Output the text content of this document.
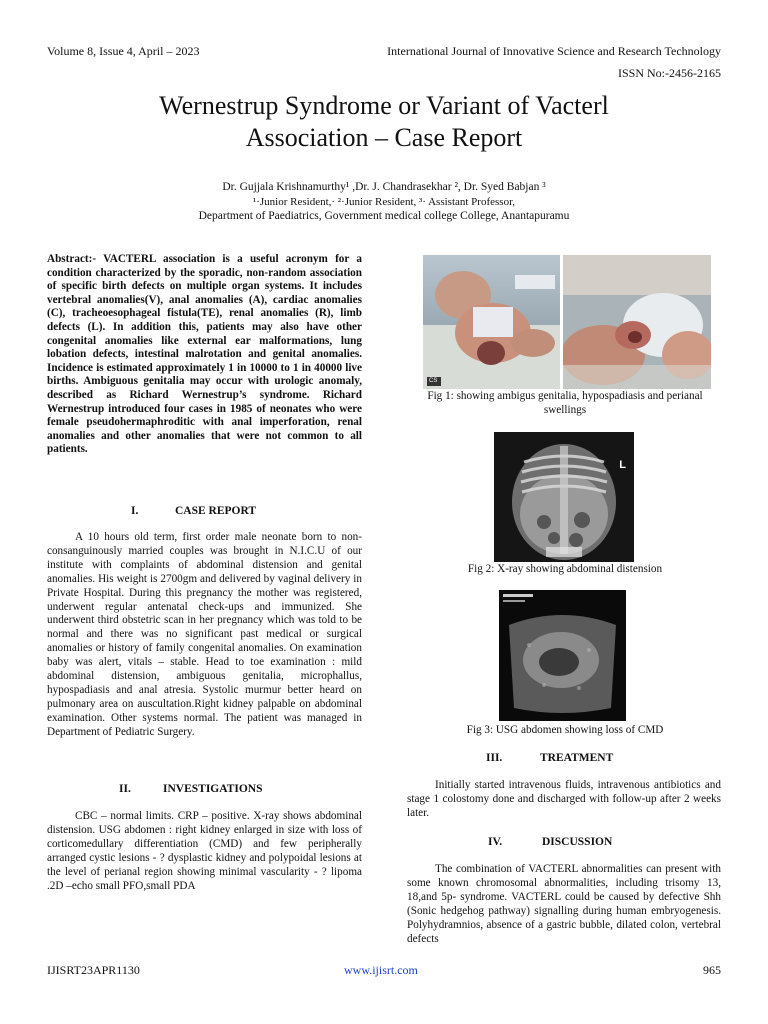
Volume 8, Issue 4, April – 2023	International Journal of Innovative Science and Research Technology
ISSN No:-2456-2165
Wernestrup Syndrome or Variant of Vacterl
Association – Case Report
Dr. Gujjala Krishnamurthy¹ ,Dr. J. Chandrasekhar ², Dr. Syed Babjan ³
¹·Junior Resident,· ²·Junior Resident, ³· Assistant Professor,
Department of Paediatrics, Government medical college College, Anantapuramu
Abstract:- VACTERL association is a useful acronym for a condition characterized by the sporadic, non-random association of specific birth defects on multiple organ systems. It includes vertebral anomalies(V), anal anomalies (A), cardiac anomalies (C), tracheoesophageal fistula(TE), renal anomalies (R), limb defects (L). In addition this, patients may also have other congenital anomalies like external ear malformations, lung lobation defects, intestinal malrotation and genital anomalies. Incidence is estimated approximately 1 in 10000 to 1 in 40000 live births. Ambiguous genitalia may occur with urologic anomaly, described as Richard Wernestrup’s syndrome. Richard Wernestrup introduced four cases in 1985 of neonates who were female pseudohermaphroditic with anal imperforation, renal anomalies and other anomalies that were not common to all patients.
I.	CASE REPORT

A 10 hours old term, first order male neonate born to non-consanguinously married couples was brought in N.I.C.U of our institute with complaints of abdominal distension and genital anomalies. His weight is 2700gm and delivered by vaginal delivery in Private Hospital. During this pregnancy the mother was registered, underwent regular antenatal check-ups and immunized. She underwent third obstetric scan in her pregnancy which was told to be normal and there was no significant past medical or surgical anomalies or history of family congenital anomalies. On examination baby was alert, vitals – stable. Head to toe examination : mild abdominal distension, ambiguous genitalia, microphallus, hypospadiasis and anal atresia. Systolic murmur better heard on pulmonary area on auscultation.Right kidney palpable on abdominal examination. Other systems normal. The patient was managed in Department of Pediatric Surgery.

II.	INVESTIGATIONS

CBC – normal limits. CRP – positive. X-ray shows abdominal distension. USG abdomen : right kidney enlarged in size with loss of corticomedullary differentiation (CMD) and few peripherally arranged cystic lesions - ? dysplastic kidney and polypoidal lesions at the level of perianal region showing minimal vascularity - ? lipoma .2D –echo small PFO,small PDA

CS
Fig 1: showing ambigus genitalia, hypospadiasis and perianal swellings
L
Fig 2: X-ray showing abdominal distension
Fig 3: USG abdomen showing loss of CMD
III.	TREATMENT

Initially started intravenous fluids, intravenous antibiotics and stage 1 colostomy done and discharged with follow-up after 2 weeks later.

IV.	DISCUSSION

The combination of VACTERL abnormalities can present with some known chromosomal abnormalities, including trisomy 13, 18,and 5p- syndrome. VACTERL could be caused by defective Shh (Sonic hedgehog pathway) signalling during human embryogenesis. Polyhydramnios, absence of a gastric bubble, dilated colon, vertebral defects

IJISRT23APR1130	www.ijisrt.com	965
